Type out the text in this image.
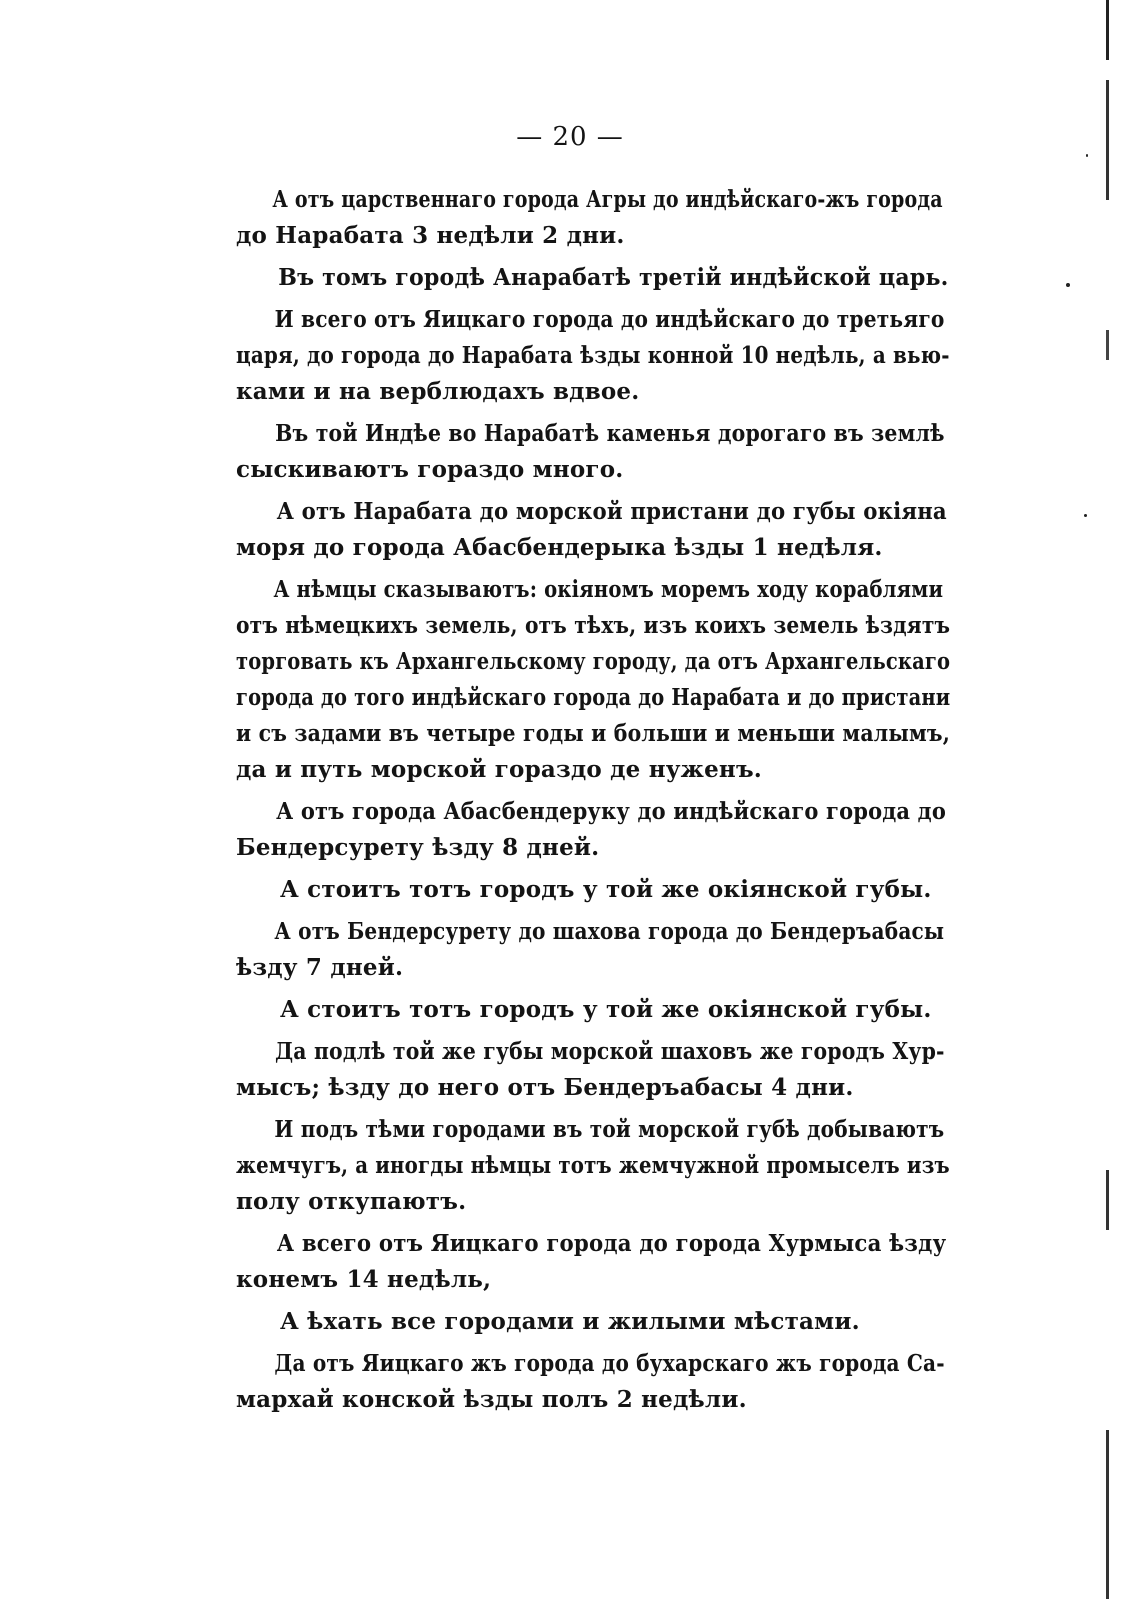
— 20 —

А отъ царственнаго города Агры до индѣйскаго-жъ города
до Нарабата 3 недѣли 2 дни.

Въ томъ городѣ Анарабатѣ третій индѣйской царь.

И всего отъ Яицкаго города до индѣйскаго до третьяго
царя, до города до Нарабата ѣзды конной 10 недѣль, а вью-
ками и на верблюдахъ вдвое.

Въ той Индѣе во Нарабатѣ каменья дорогаго въ землѣ
сыскиваютъ гораздо много.

А отъ Нарабата до морской пристани до губы окіяна
моря до города Абасбендерыка ѣзды 1 недѣля.

А нѣмцы сказываютъ: окіяномъ моремъ ходу кораблями
отъ нѣмецкихъ земель, отъ тѣхъ, изъ коихъ земель ѣздятъ
торговать къ Архангельскому городу, да отъ Архангельскаго
города до того индѣйскаго города до Нарабата и до пристани
и съ задами въ четыре годы и больши и меньши малымъ,
да и путь морской гораздо де нуженъ.

А отъ города Абасбендеруку до индѣйскаго города до
Бендерсурету ѣзду 8 дней.

А стоитъ тотъ городъ у той же окіянской губы.

А отъ Бендерсурету до шахова города до Бендеръабасы
ѣзду 7 дней.

А стоитъ тотъ городъ у той же окіянской губы.

Да подлѣ той же губы морской шаховъ же городъ Хур-
мысъ; ѣзду до него отъ Бендеръабасы 4 дни.

И подъ тѣми городами въ той морской губѣ добываютъ
жемчугъ, а иногды нѣмцы тотъ жемчужной промыселъ изъ
полу откупаютъ.

А всего отъ Яицкаго города до города Хурмыса ѣзду
конемъ 14 недѣль,

А ѣхать все городами и жилыми мѣстами.

Да отъ Яицкаго жъ города до бухарскаго жъ города Са-
мархай конской ѣзды полъ 2 недѣли.
